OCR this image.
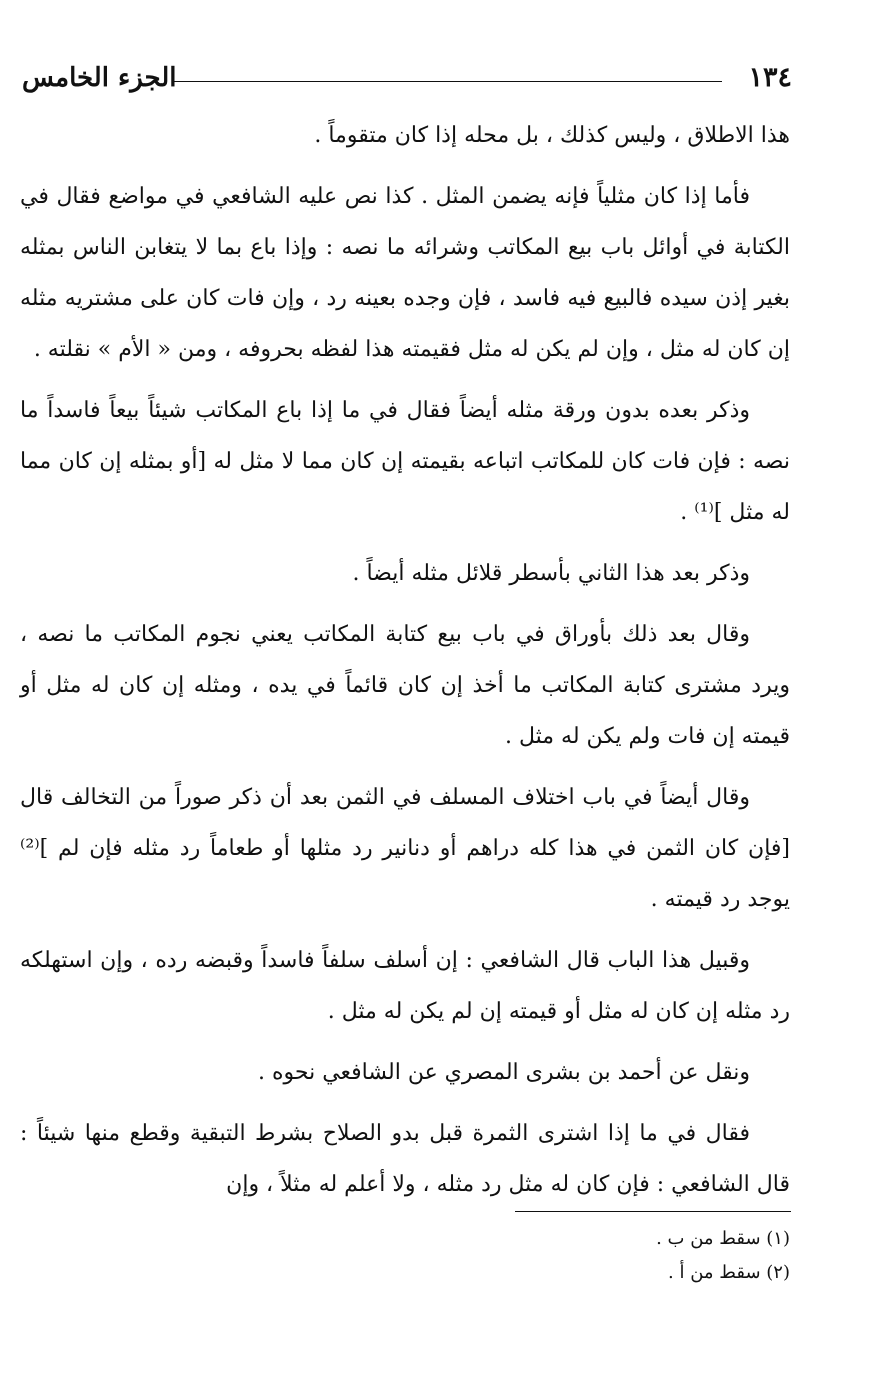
١٣٤
الجزء الخامس

هذا الاطلاق ، وليس كذلك ، بل محله إذا كان متقوماً .

فأما إذا كان مثلياً فإنه يضمن المثل . كذا نص عليه الشافعي في مواضع فقال في الكتابة في أوائل باب بيع المكاتب وشرائه ما نصه : وإذا باع بما لا يتغابن الناس بمثله بغير إذن سيده فالبيع فيه فاسد ، فإن وجده بعينه رد ، وإن فات كان على مشتريه مثله إن كان له مثل ، وإن لم يكن له مثل فقيمته هذا لفظه بحروفه ، ومن « الأم » نقلته .

وذكر بعده بدون ورقة مثله أيضاً فقال في ما إذا باع المكاتب شيئاً بيعاً فاسداً ما نصه : فإن فات كان للمكاتب اتباعه بقيمته إن كان مما لا مثل له [أو بمثله إن كان مما له مثل ]⁽¹⁾ .

وذكر بعد هذا الثاني بأسطر قلائل مثله أيضاً .

وقال بعد ذلك بأوراق في باب بيع كتابة المكاتب يعني نجوم المكاتب ما نصه ، ويرد مشترى كتابة المكاتب ما أخذ إن كان قائماً في يده ، ومثله إن كان له مثل أو قيمته إن فات ولم يكن له مثل .

وقال أيضاً في باب اختلاف المسلف في الثمن بعد أن ذكر صوراً من التخالف قال [فإن كان الثمن في هذا كله دراهم أو دنانير رد مثلها أو طعاماً رد مثله فإن لم ]⁽²⁾ يوجد رد قيمته .

وقبيل هذا الباب قال الشافعي : إن أسلف سلفاً فاسداً وقبضه رده ، وإن استهلكه رد مثله إن كان له مثل أو قيمته إن لم يكن له مثل .

ونقل عن أحمد بن بشرى المصري عن الشافعي نحوه .

فقال في ما إذا اشترى الثمرة قبل بدو الصلاح بشرط التبقية وقطع منها شيئاً : قال الشافعي : فإن كان له مثل رد مثله ، ولا أعلم له مثلاً ، وإن

(١) سقط من ب .

(٢) سقط من أ .
